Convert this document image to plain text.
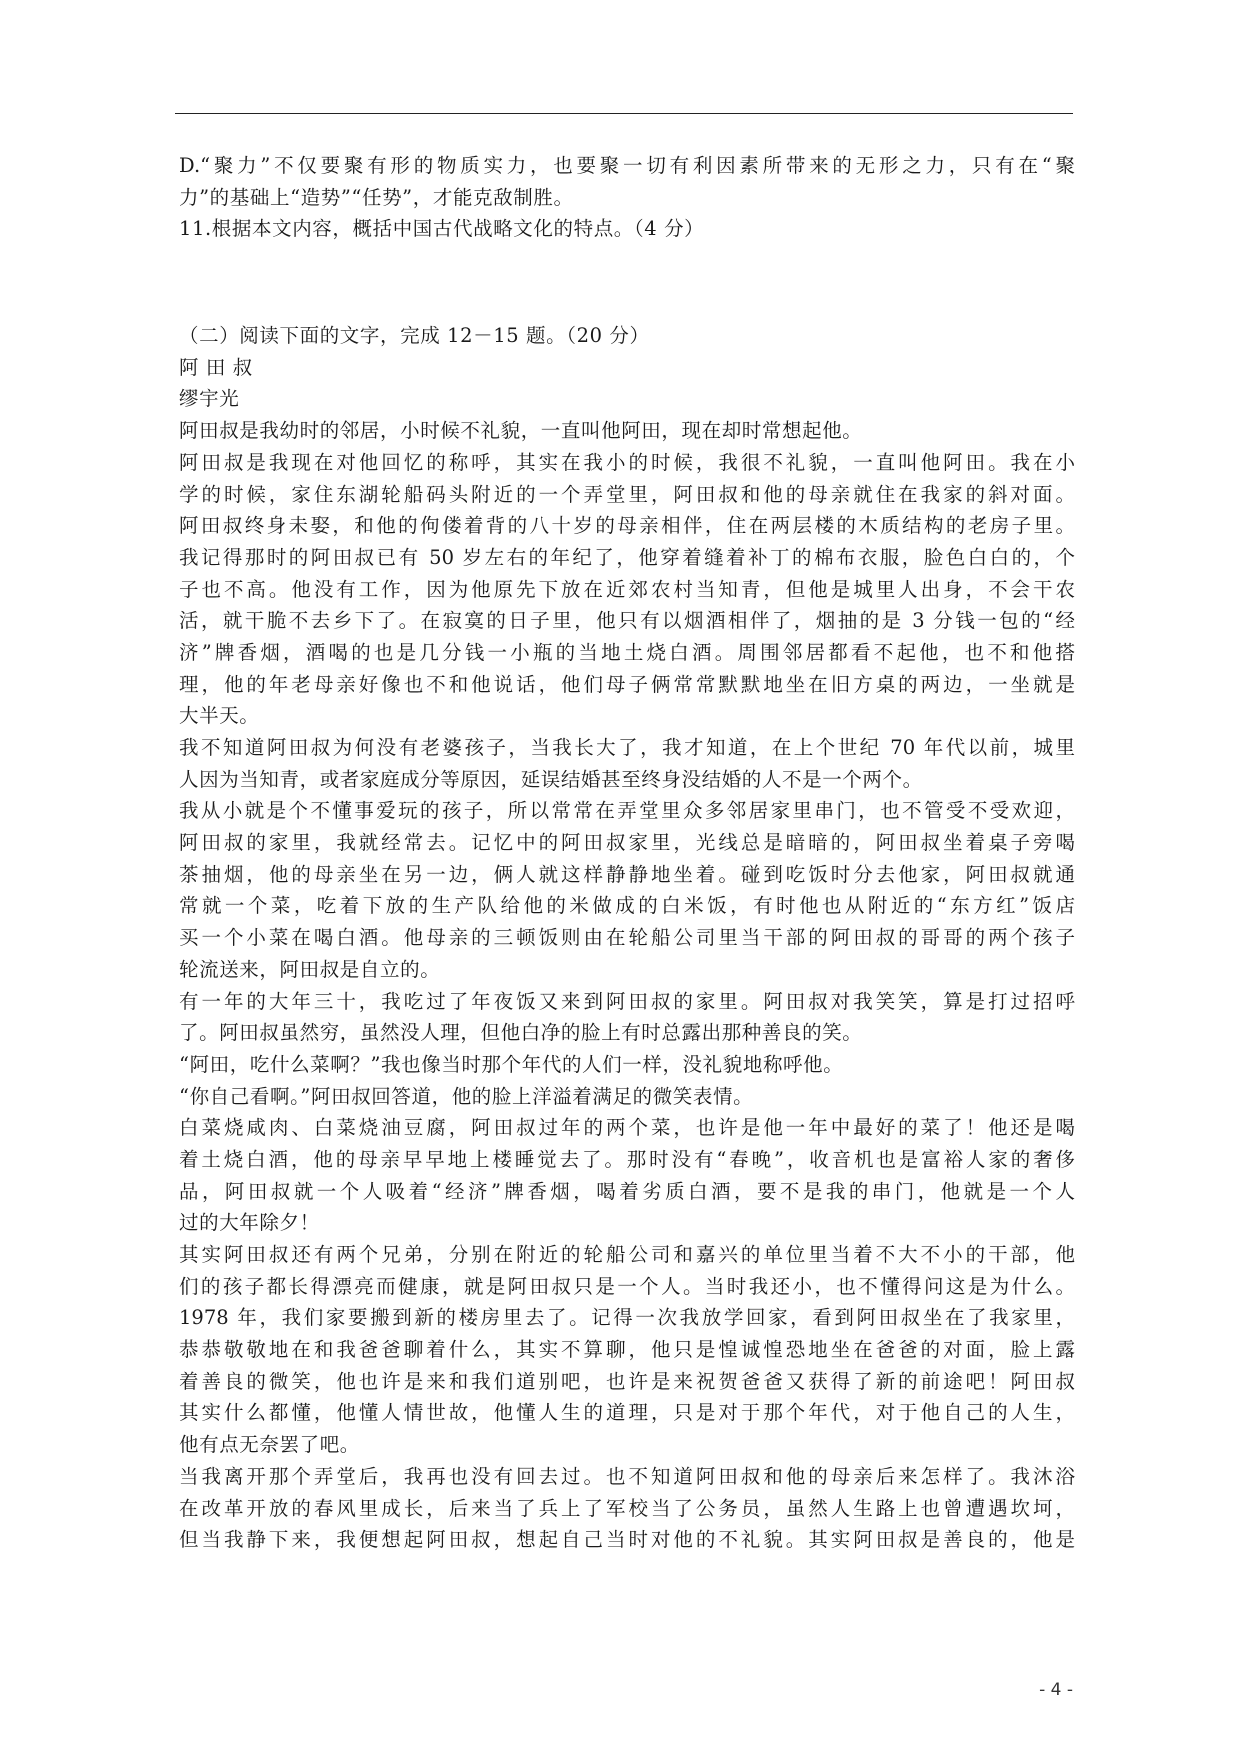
D.“聚力”不仅要聚有形的物质实力，也要聚一切有利因素所带来的无形之力，只有在“聚
力”的基础上“造势”“任势”，才能克敌制胜。
11.根据本文内容，概括中国古代战略文化的特点。（4 分）
（二）阅读下面的文字，完成 12－15 题。（20 分）
阿 田 叔
缪宇光
阿田叔是我幼时的邻居，小时候不礼貌，一直叫他阿田，现在却时常想起他。
阿田叔是我现在对他回忆的称呼，其实在我小的时候，我很不礼貌，一直叫他阿田。我在小
学的时候，家住东湖轮船码头附近的一个弄堂里，阿田叔和他的母亲就住在我家的斜对面。
阿田叔终身未娶，和他的佝偻着背的八十岁的母亲相伴，住在两层楼的木质结构的老房子里。
我记得那时的阿田叔已有 50 岁左右的年纪了，他穿着缝着补丁的棉布衣服，脸色白白的，个
子也不高。他没有工作，因为他原先下放在近郊农村当知青，但他是城里人出身，不会干农
活，就干脆不去乡下了。在寂寞的日子里，他只有以烟酒相伴了，烟抽的是 3 分钱一包的“经
济”牌香烟，酒喝的也是几分钱一小瓶的当地土烧白酒。周围邻居都看不起他，也不和他搭
理，他的年老母亲好像也不和他说话，他们母子俩常常默默地坐在旧方桌的两边，一坐就是
大半天。
我不知道阿田叔为何没有老婆孩子，当我长大了，我才知道，在上个世纪 70 年代以前，城里
人因为当知青，或者家庭成分等原因，延误结婚甚至终身没结婚的人不是一个两个。
我从小就是个不懂事爱玩的孩子，所以常常在弄堂里众多邻居家里串门，也不管受不受欢迎，
阿田叔的家里，我就经常去。记忆中的阿田叔家里，光线总是暗暗的，阿田叔坐着桌子旁喝
茶抽烟，他的母亲坐在另一边，俩人就这样静静地坐着。碰到吃饭时分去他家，阿田叔就通
常就一个菜，吃着下放的生产队给他的米做成的白米饭，有时他也从附近的“东方红”饭店
买一个小菜在喝白酒。他母亲的三顿饭则由在轮船公司里当干部的阿田叔的哥哥的两个孩子
轮流送来，阿田叔是自立的。
有一年的大年三十，我吃过了年夜饭又来到阿田叔的家里。阿田叔对我笑笑，算是打过招呼
了。阿田叔虽然穷，虽然没人理，但他白净的脸上有时总露出那种善良的笑。
“阿田，吃什么菜啊？”我也像当时那个年代的人们一样，没礼貌地称呼他。
“你自己看啊。”阿田叔回答道，他的脸上洋溢着满足的微笑表情。
白菜烧咸肉、白菜烧油豆腐，阿田叔过年的两个菜，也许是他一年中最好的菜了！他还是喝
着土烧白酒，他的母亲早早地上楼睡觉去了。那时没有“春晚”，收音机也是富裕人家的奢侈
品，阿田叔就一个人吸着“经济”牌香烟，喝着劣质白酒，要不是我的串门，他就是一个人
过的大年除夕！
其实阿田叔还有两个兄弟，分别在附近的轮船公司和嘉兴的单位里当着不大不小的干部，他
们的孩子都长得漂亮而健康，就是阿田叔只是一个人。当时我还小，也不懂得问这是为什么。
1978 年，我们家要搬到新的楼房里去了。记得一次我放学回家，看到阿田叔坐在了我家里，
恭恭敬敬地在和我爸爸聊着什么，其实不算聊，他只是惶诚惶恐地坐在爸爸的对面，脸上露
着善良的微笑，他也许是来和我们道别吧，也许是来祝贺爸爸又获得了新的前途吧！阿田叔
其实什么都懂，他懂人情世故，他懂人生的道理，只是对于那个年代，对于他自己的人生，
他有点无奈罢了吧。
当我离开那个弄堂后，我再也没有回去过。也不知道阿田叔和他的母亲后来怎样了。我沐浴
在改革开放的春风里成长，后来当了兵上了军校当了公务员，虽然人生路上也曾遭遇坎坷，
但当我静下来，我便想起阿田叔，想起自己当时对他的不礼貌。其实阿田叔是善良的，他是
- 4 -
